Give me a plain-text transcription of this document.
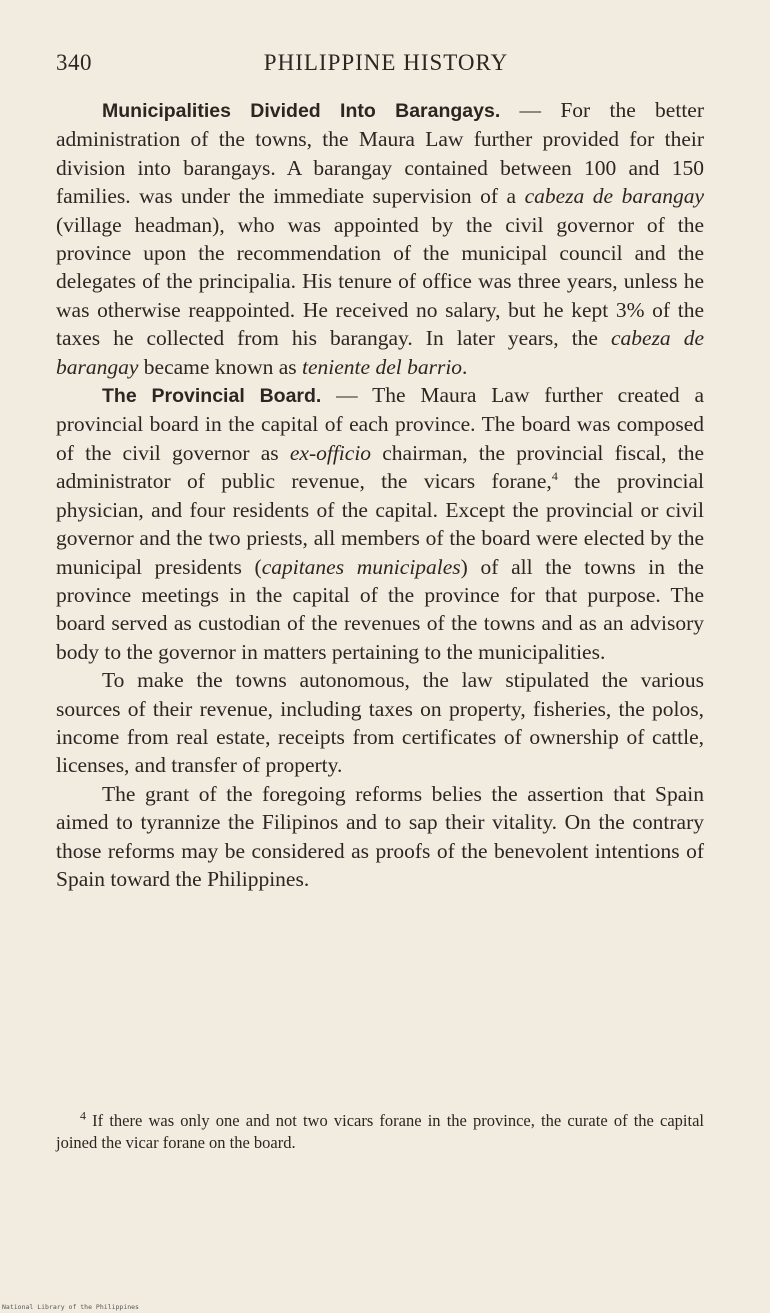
340	PHILIPPINE HISTORY

Municipalities Divided Into Barangays. — For the better administration of the towns, the Maura Law further provided for their division into barangays. A barangay contained between 100 and 150 families. was under the immediate supervision of a cabeza de barangay (village headman), who was appointed by the civil governor of the province upon the recommendation of the municipal council and the delegates of the principalia. His tenure of office was three years, unless he was otherwise reappointed. He received no salary, but he kept 3% of the taxes he collected from his barangay. In later years, the cabeza de barangay became known as teniente del barrio.

The Provincial Board. — The Maura Law further created a provincial board in the capital of each province. The board was composed of the civil governor as ex-officio chairman, the provincial fiscal, the administrator of public revenue, the vicars forane,$^4$ the provincial physician, and four residents of the capital. Except the provincial or civil governor and the two priests, all members of the board were elected by the municipal presidents (capitanes municipales) of all the towns in the province meetings in the capital of the province for that purpose. The board served as custodian of the revenues of the towns and as an advisory body to the governor in matters pertaining to the municipalities.

To make the towns autonomous, the law stipulated the various sources of their revenue, including taxes on property, fisheries, the polos, income from real estate, receipts from certificates of ownership of cattle, licenses, and transfer of property.

The grant of the foregoing reforms belies the assertion that Spain aimed to tyrannize the Filipinos and to sap their vitality. On the contrary those reforms may be considered as proofs of the benevolent intentions of Spain toward the Philippines.

$^4$ If there was only one and not two vicars forane in the province, the curate of the capital joined the vicar forane on the board.

National Library of the Philippines
